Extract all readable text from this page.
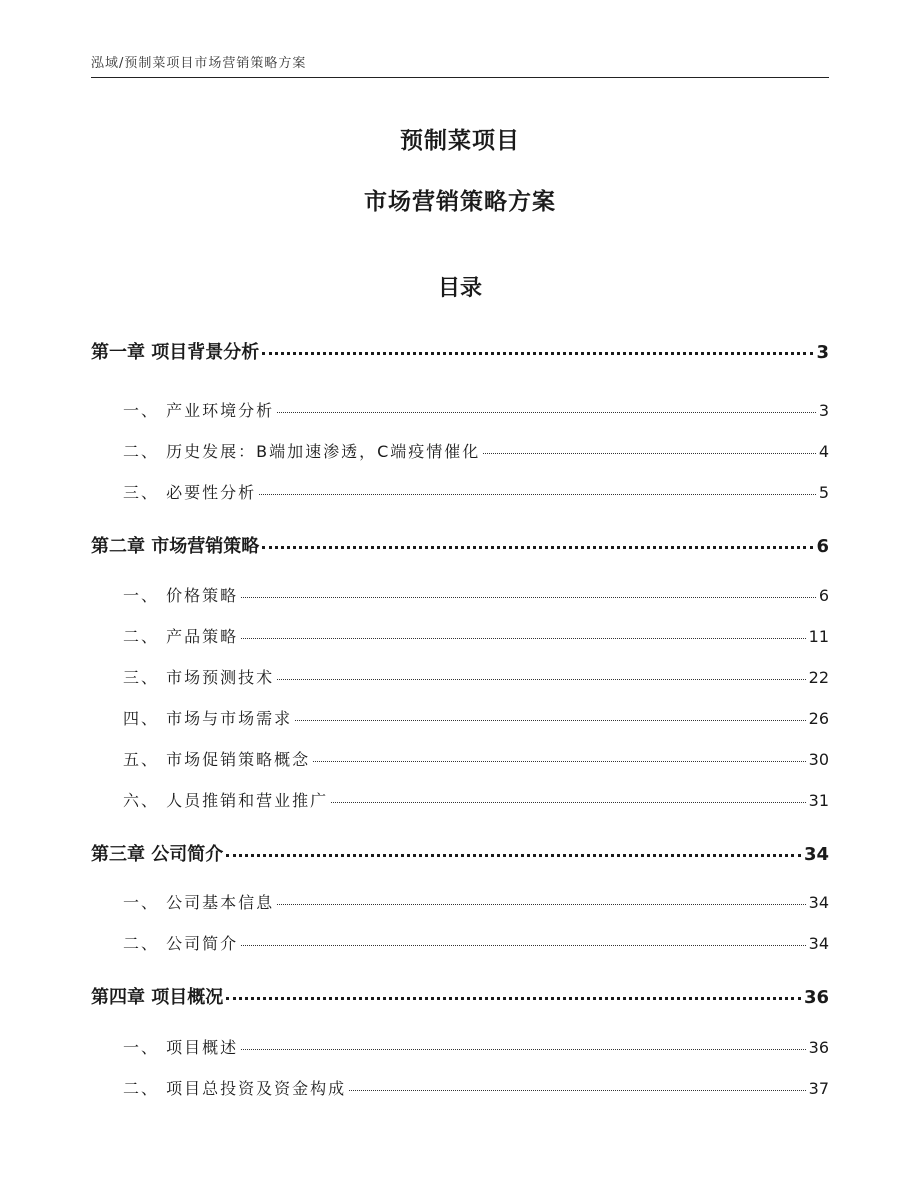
泓域/预制菜项目市场营销策略方案
预制菜项目
市场营销策略方案
目录
第一章 项目背景分析	3
一、 产业环境分析	3
二、 历史发展：B端加速渗透，C端疫情催化	4
三、 必要性分析	5
第二章 市场营销策略	6
一、 价格策略	6
二、 产品策略	11
三、 市场预测技术	22
四、 市场与市场需求	26
五、 市场促销策略概念	30
六、 人员推销和营业推广	31
第三章 公司简介	34
一、 公司基本信息	34
二、 公司简介	34
第四章 项目概况	36
一、 项目概述	36
二、 项目总投资及资金构成	37
